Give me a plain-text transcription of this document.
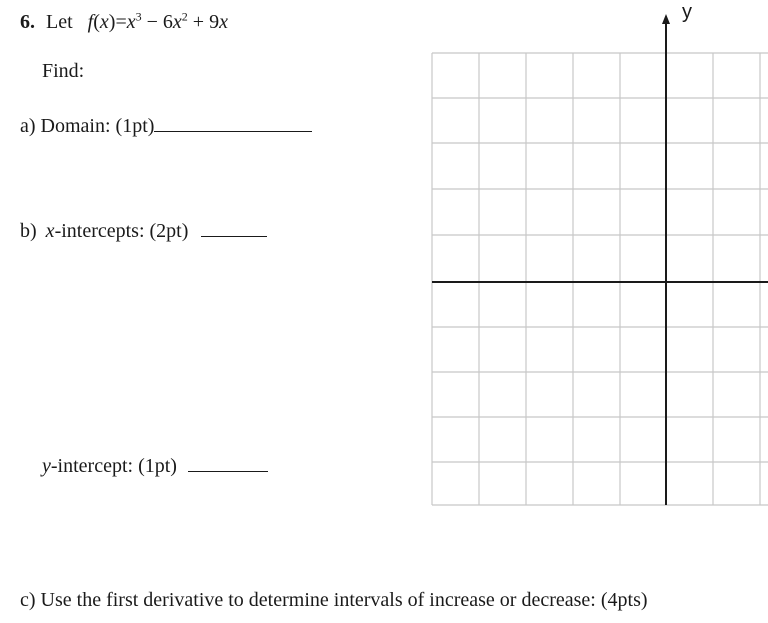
6. Let $f(x)=x^3 - 6x^2 + 9x$
Find:
a) Domain: (1pt)
b) x-intercepts: (2pt)
y-intercept: (1pt)
c) Use the first derivative to determine intervals of increase or decrease: (4pts)
y
